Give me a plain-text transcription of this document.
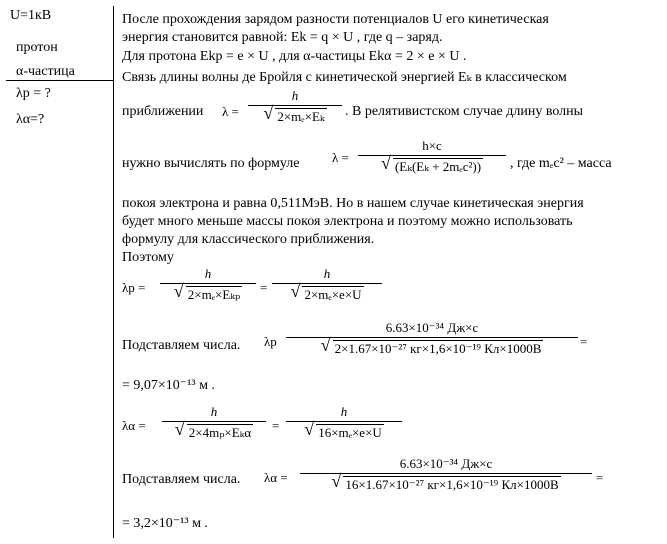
U=1кВ
протон
α-частица
λр = ?
λα=?
После прохождения зарядом разности потенциалов U его кинетическая
энергия становится равной: Ek = q × U , где q – заряд.
Для протона Ekp = e × U , для α-частицы Ekα = 2 × e × U .
Связь длины волны де Бройля с кинетической энергией Eₖ в классическом
приближении λ =
h
√ 2×mₑ×Eₖ	. В релятивистском случае длину волны
нужно вычислять по формуле	λ =
h×c
√ (Eₖ(Eₖ + 2mₑc²))	, где mₑc² – масса
покоя электрона и равна 0,511МэВ. Но в нашем случае кинетическая энергия
будет много меньше массы покоя электрона и поэтому можно использовать
формулу для классического приближения.
Поэтому
λp =
h
√ 2×mₑ×Eₖₚ	=
h
√ 2×mₑ×e×U
Подставляем числа. λp
6.63×10⁻³⁴ Дж×с
√ 2×1.67×10⁻²⁷ кг×1,6×10⁻¹⁹ Кл×1000В	=
= 9,07×10⁻¹³ м .
λα =
h
√ 2×4mₚ×Eₖα	=
h
√ 16×mₑ×e×U
Подставляем числа. λα =
6.63×10⁻³⁴ Дж×с
√ 16×1.67×10⁻²⁷ кг×1,6×10⁻¹⁹ Кл×1000В	=
= 3,2×10⁻¹³ м .
